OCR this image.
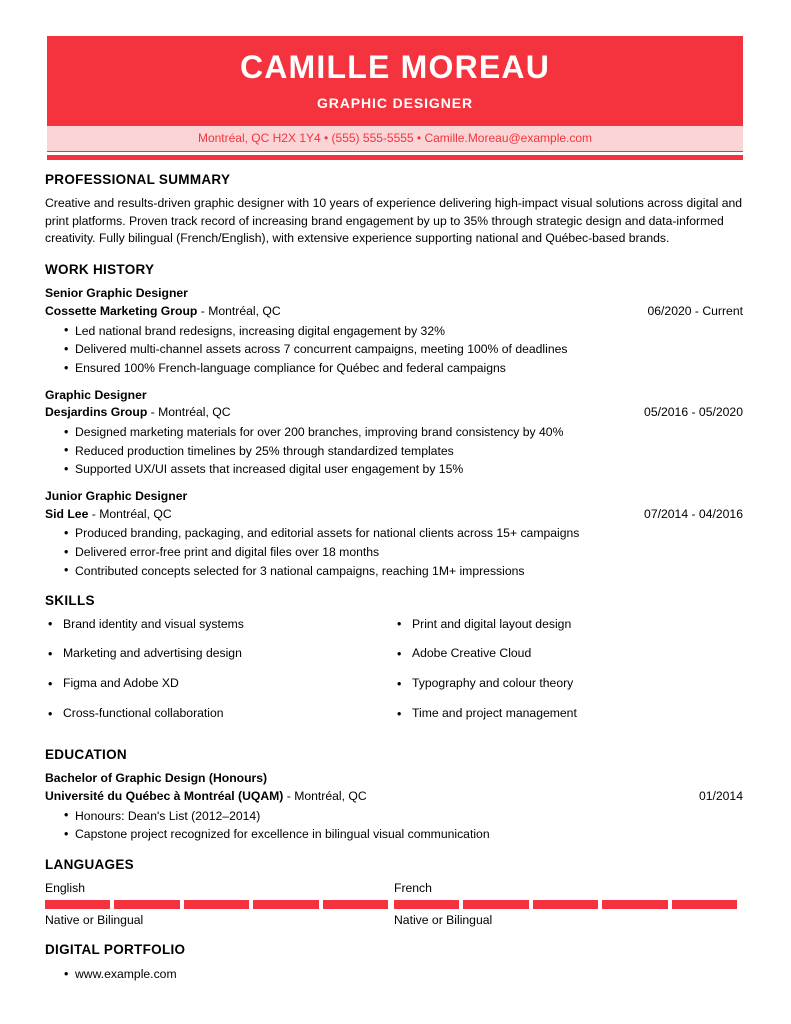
CAMILLE MOREAU
GRAPHIC DESIGNER
Montréal, QC H2X 1Y4 • (555) 555-5555 • Camille.Moreau@example.com
PROFESSIONAL SUMMARY

Creative and results-driven graphic designer with 10 years of experience delivering high-impact visual solutions across digital and print platforms. Proven track record of increasing brand engagement by up to 35% through strategic design and data-informed creativity. Fully bilingual (French/English), with extensive experience supporting national and Québec-based brands.

WORK HISTORY
Senior Graphic Designer
Cossette Marketing Group - Montréal, QC	06/2020 - Current
• Led national brand redesigns, increasing digital engagement by 32%
• Delivered multi-channel assets across 7 concurrent campaigns, meeting 100% of deadlines
• Ensured 100% French-language compliance for Québec and federal campaigns
Graphic Designer
Desjardins Group - Montréal, QC	05/2016 - 05/2020
• Designed marketing materials for over 200 branches, improving brand consistency by 40%
• Reduced production timelines by 25% through standardized templates
• Supported UX/UI assets that increased digital user engagement by 15%
Junior Graphic Designer
Sid Lee - Montréal, QC	07/2014 - 04/2016
• Produced branding, packaging, and editorial assets for national clients across 15+ campaigns
• Delivered error-free print and digital files over 18 months
• Contributed concepts selected for 3 national campaigns, reaching 1M+ impressions
SKILLS
• Brand identity and visual systems
• Marketing and advertising design
• Figma and Adobe XD
• Cross-functional collaboration
• Print and digital layout design
• Adobe Creative Cloud
• Typography and colour theory
• Time and project management
EDUCATION
Bachelor of Graphic Design (Honours)
Université du Québec à Montréal (UQAM) - Montréal, QC	01/2014
• Honours: Dean's List (2012–2014)
• Capstone project recognized for excellence in bilingual visual communication
LANGUAGES
English
Native or Bilingual
French
Native or Bilingual
DIGITAL PORTFOLIO
• www.example.com
